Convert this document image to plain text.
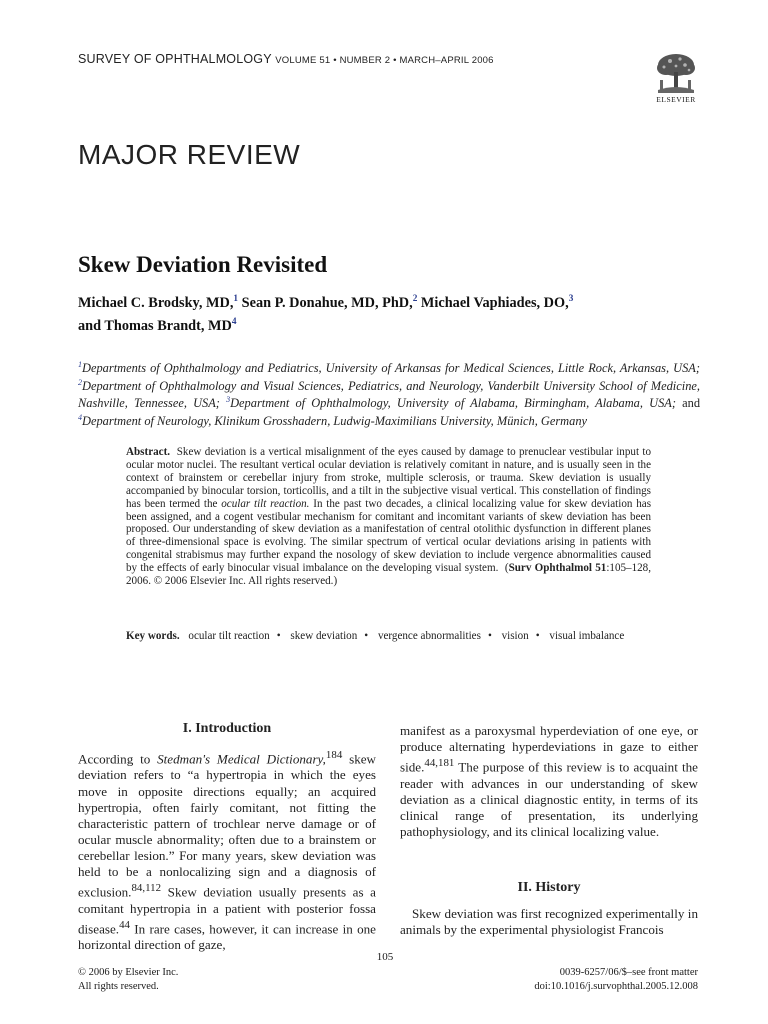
SURVEY OF OPHTHALMOLOGY VOLUME 51 • NUMBER 2 • MARCH–APRIL 2006
ELSEVIER
MAJOR REVIEW
Skew Deviation Revisited
Michael C. Brodsky, MD,$^1$ Sean P. Donahue, MD, PhD,$^2$ Michael Vaphiades, DO,$^3$
and Thomas Brandt, $MD^4$
$^1$Departments of Ophthalmology and Pediatrics, University of Arkansas for Medical Sciences, Little Rock, Arkansas, USA; $^2$Department of Ophthalmology and Visual Sciences, Pediatrics, and Neurology, Vanderbilt University School of Medicine, Nashville, Tennessee, USA; $^3$Department of Ophthalmology, University of Alabama, Birmingham, Alabama, USA; and $^4$Department of Neurology, Klinikum Grosshadern, Ludwig-Maximilians University, Münich, Germany
Abstract. Skew deviation is a vertical misalignment of the eyes caused by damage to prenuclear vestibular input to ocular motor nuclei. The resultant vertical ocular deviation is relatively comitant in nature, and is usually seen in the context of brainstem or cerebellar injury from stroke, multiple sclerosis, or trauma. Skew deviation is usually accompanied by binocular torsion, torticollis, and a tilt in the subjective visual vertical. This constellation of findings has been termed the ocular tilt reaction. In the past two decades, a clinical localizing value for skew deviation has been assigned, and a cogent vestibular mechanism for comitant and incomitant variants of skew deviation has been proposed. Our understanding of skew deviation as a manifestation of central otolithic dysfunction in different planes of three-dimensional space is evolving. The similar spectrum of vertical ocular deviations arising in patients with congenital strabismus may further expand the nosology of skew deviation to include vergence abnormalities caused by the effects of early binocular visual imbalance on the developing visual system. (Surv Ophthalmol 51:105–128, 2006. © 2006 Elsevier Inc. All rights reserved.)
Key words. ocular tilt reaction • skew deviation • vergence abnormalities • vision • visual imbalance
I. Introduction

According to Stedman's Medical Dictionary,$^{184}$ skew deviation refers to “a hypertropia in which the eyes move in opposite directions equally; an acquired hypertropia, often fairly comitant, not fitting the characteristic pattern of trochlear nerve damage or of ocular muscle abnormality; often due to a brainstem or cerebellar lesion.” For many years, skew deviation was held to be a nonlocalizing sign and a diagnosis of exclusion.$^{84,112}$ Skew deviation usually presents as a comitant hypertropia in a patient with posterior fossa disease.$^{44}$ In rare cases, however, it can increase in one horizontal direction of gaze,

manifest as a paroxysmal hyperdeviation of one eye, or produce alternating hyperdeviations in gaze to either side.$^{44,181}$ The purpose of this review is to acquaint the reader with advances in our understanding of skew deviation as a clinical diagnostic entity, in terms of its clinical range of presentation, its underlying pathophysiology, and its clinical localizing value.

II. History

Skew deviation was first recognized experimentally in animals by the experimental physiologist Francois

105
© 2006 by Elsevier Inc.
All rights reserved.
0039-6257/06/$–see front matter
doi:10.1016/j.survophthal.2005.12.008
